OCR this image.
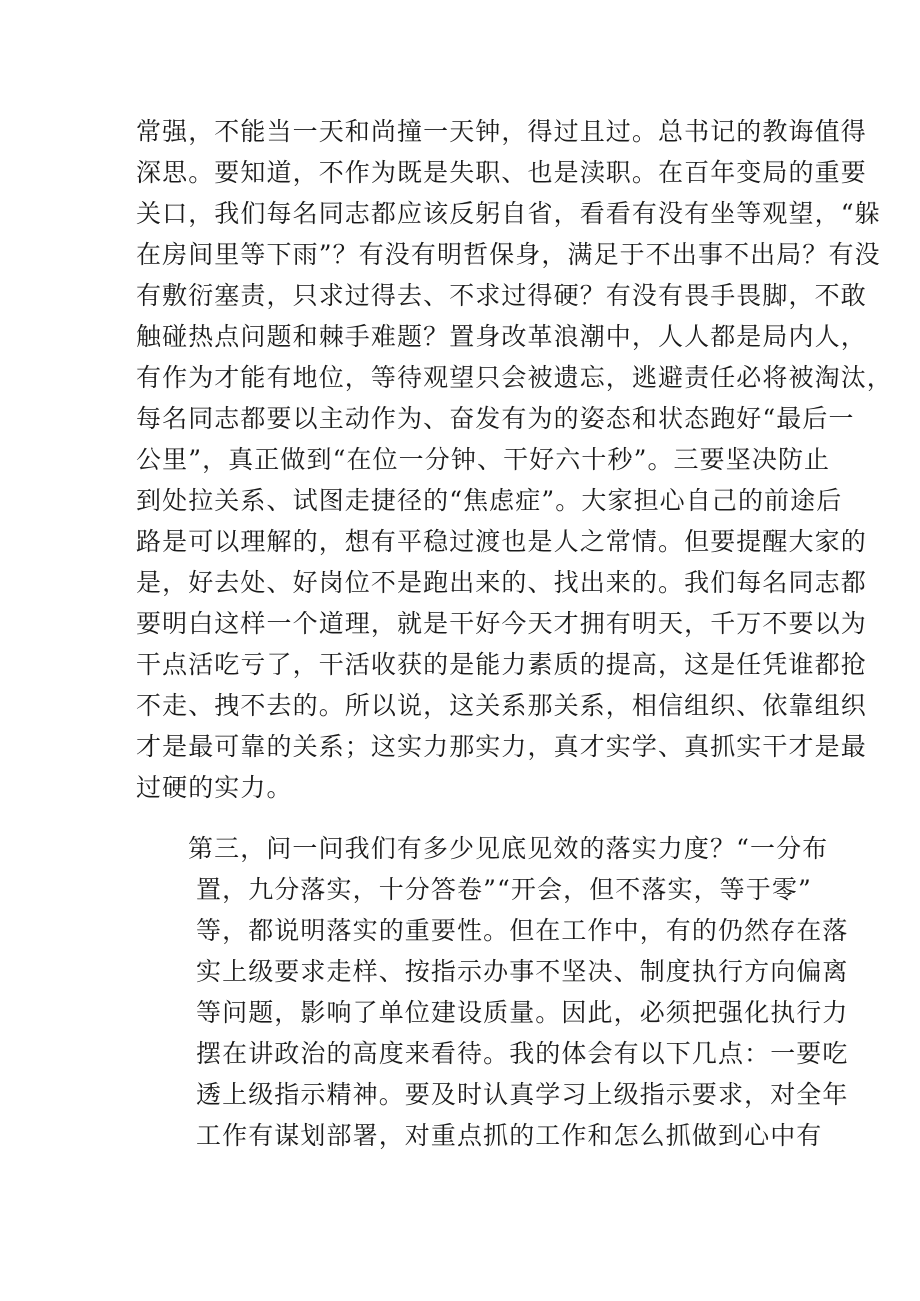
常强，不能当一天和尚撞一天钟，得过且过。总书记的教诲值得

深思。要知道，不作为既是失职、也是渎职。在百年变局的重要

关口，我们每名同志都应该反躬自省，看看有没有坐等观望，“躲

在房间里等下雨”？有没有明哲保身，满足于不出事不出局？有没

有敷衍塞责，只求过得去、不求过得硬？有没有畏手畏脚，不敢

触碰热点问题和棘手难题？置身改革浪潮中，人人都是局内人，

有作为才能有地位，等待观望只会被遗忘，逃避责任必将被淘汰，

每名同志都要以主动作为、奋发有为的姿态和状态跑好“最后一

公里”，真正做到“在位一分钟、干好六十秒”。三要坚决防止

到处拉关系、试图走捷径的“焦虑症”。大家担心自己的前途后

路是可以理解的，想有平稳过渡也是人之常情。但要提醒大家的

是，好去处、好岗位不是跑出来的、找出来的。我们每名同志都

要明白这样一个道理，就是干好今天才拥有明天，千万不要以为

干点活吃亏了，干活收获的是能力素质的提高，这是任凭谁都抢

不走、拽不去的。所以说，这关系那关系，相信组织、依靠组织

才是最可靠的关系；这实力那实力，真才实学、真抓实干才是最

过硬的实力。

第三，问一问我们有多少见底见效的落实力度？“一分布

置，九分落实，十分答卷”“开会，但不落实，等于零”

等，都说明落实的重要性。但在工作中，有的仍然存在落

实上级要求走样、按指示办事不坚决、制度执行方向偏离

等问题，影响了单位建设质量。因此，必须把强化执行力

摆在讲政治的高度来看待。我的体会有以下几点：一要吃

透上级指示精神。要及时认真学习上级指示要求，对全年

工作有谋划部署，对重点抓的工作和怎么抓做到心中有
